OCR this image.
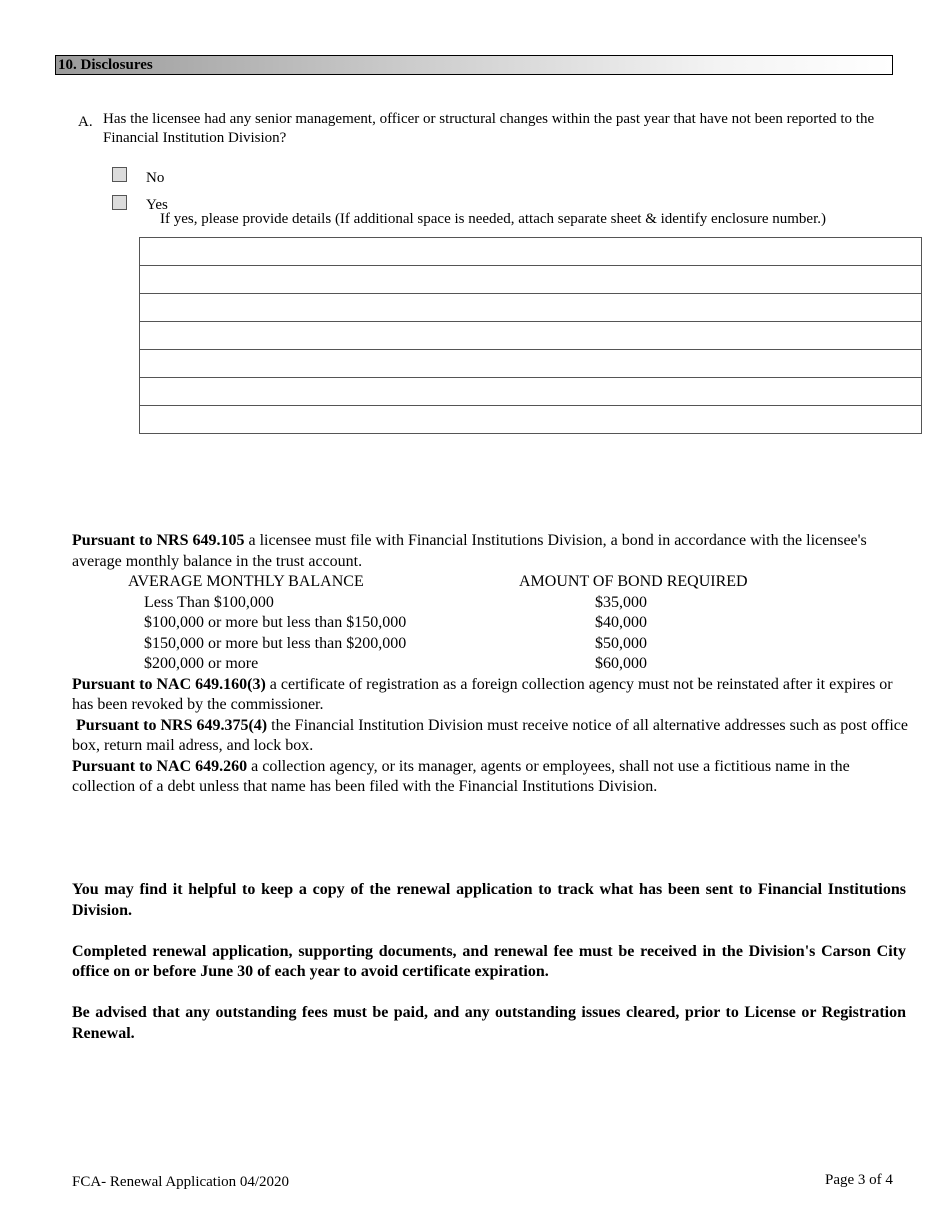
10. Disclosures
A. Has the licensee had any senior management, officer or structural changes within the past year that have not been reported to the Financial Institution Division?
No
Yes
If yes, please provide details (If additional space is needed, attach separate sheet & identify enclosure number.)

Pursuant to NRS 649.105 a licensee must file with Financial Institutions Division, a bond in accordance with the licensee's average monthly balance in the trust account.

AVERAGE MONTHLY BALANCE	AMOUNT OF BOND REQUIRED
Less Than $100,000	$35,000
$100,000 or more but less than $150,000	$40,000
$150,000 or more but less than $200,000	$50,000
$200,000 or more	$60,000

Pursuant to NAC 649.160(3) a certificate of registration as a foreign collection agency must not be reinstated after it expires or has been revoked by the commissioner.

Pursuant to NRS 649.375(4) the Financial Institution Division must receive notice of all alternative addresses such as post office box, return mail adress, and lock box.

Pursuant to NAC 649.260 a collection agency, or its manager, agents or employees, shall not use a fictitious name in the collection of a debt unless that name has been filed with the Financial Institutions Division.

You may find it helpful to keep a copy of the renewal application to track what has been sent to Financial Institutions Division.

Completed renewal application, supporting documents, and renewal fee must be received in the Division's Carson City office on or before June 30 of each year to avoid certificate expiration.

Be advised that any outstanding fees must be paid, and any outstanding issues cleared, prior to License or Registration Renewal.

FCA- Renewal Application 04/2020	Page 3 of 4
